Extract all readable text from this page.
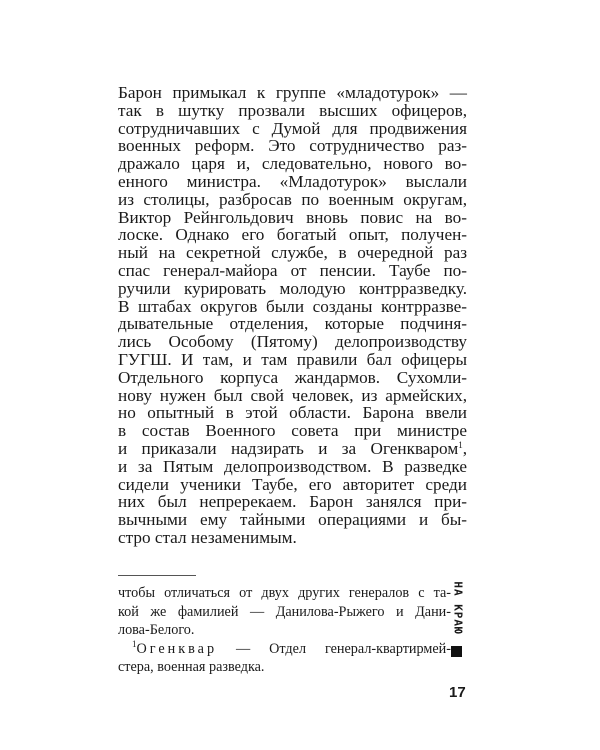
Барон примыкал к группе «младотурок» —
так в шутку прозвали высших офицеров,
сотрудничавших с Думой для продвижения
военных реформ. Это сотрудничество раз-
дражало царя и, следовательно, нового во-
енного министра. «Младотурок» выслали
из столицы, разбросав по военным округам,
Виктор Рейнгольдович вновь повис на во-
лоске. Однако его богатый опыт, получен-
ный на секретной службе, в очередной раз
спас генерал-майора от пенсии. Таубе по-
ручили курировать молодую контрразведку.
В штабах округов были созданы контрразве-
дывательные отделения, которые подчиня-
лись Особому (Пятому) делопроизводству
ГУГШ. И там, и там правили бал офицеры
Отдельного корпуса жандармов. Сухомли-
нову нужен был свой человек, из армейских,
но опытный в этой области. Барона ввели
в состав Военного совета при министре
и приказали надзирать и за Огенкваром$^1$,
и за Пятым делопроизводством. В разведке
сидели ученики Таубе, его авторитет среди
них был непререкаем. Барон занялся при-
вычными ему тайными операциями и бы-
стро стал незаменимым.
чтобы отличаться от двух других генералов с та-
кой же фамилией — Данилова-Рыжего и Дани-
лова-Белого.
$^1$Огенквар — Отдел генерал-квартирмей-
стера, военная разведка.
НА КРАЮ
17
